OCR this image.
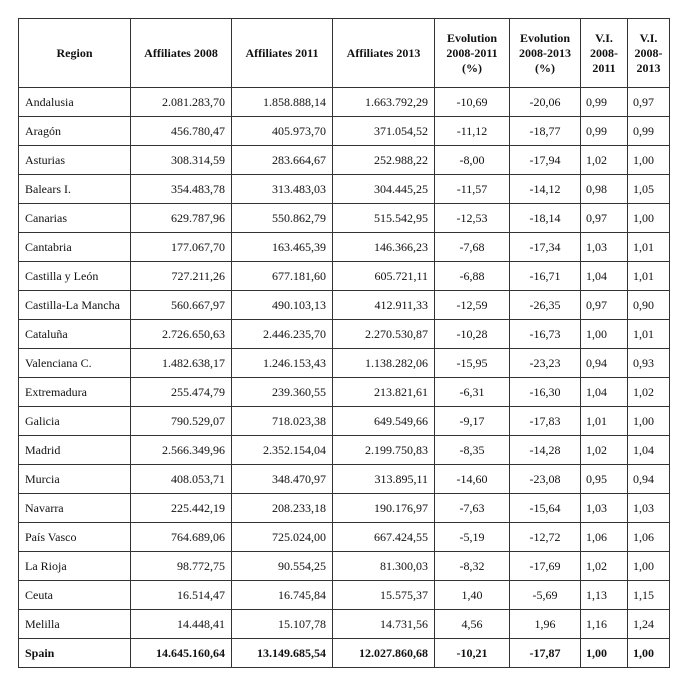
Region	Affiliates 2008	Affiliates 2011	Affiliates 2013	Evolution 2008-2011 (%)	Evolution 2008-2013 (%)	V.I. 2008-2011	V.I. 2008-2013
Andalusia	2.081.283,70	1.858.888,14	1.663.792,29	-10,69	-20,06	0,99	0,97
Aragón	456.780,47	405.973,70	371.054,52	-11,12	-18,77	0,99	0,99
Asturias	308.314,59	283.664,67	252.988,22	-8,00	-17,94	1,02	1,00
Balears I.	354.483,78	313.483,03	304.445,25	-11,57	-14,12	0,98	1,05
Canarias	629.787,96	550.862,79	515.542,95	-12,53	-18,14	0,97	1,00
Cantabria	177.067,70	163.465,39	146.366,23	-7,68	-17,34	1,03	1,01
Castilla y León	727.211,26	677.181,60	605.721,11	-6,88	-16,71	1,04	1,01
Castilla-La Mancha	560.667,97	490.103,13	412.911,33	-12,59	-26,35	0,97	0,90
Cataluña	2.726.650,63	2.446.235,70	2.270.530,87	-10,28	-16,73	1,00	1,01
Valenciana C.	1.482.638,17	1.246.153,43	1.138.282,06	-15,95	-23,23	0,94	0,93
Extremadura	255.474,79	239.360,55	213.821,61	-6,31	-16,30	1,04	1,02
Galicia	790.529,07	718.023,38	649.549,66	-9,17	-17,83	1,01	1,00
Madrid	2.566.349,96	2.352.154,04	2.199.750,83	-8,35	-14,28	1,02	1,04
Murcia	408.053,71	348.470,97	313.895,11	-14,60	-23,08	0,95	0,94
Navarra	225.442,19	208.233,18	190.176,97	-7,63	-15,64	1,03	1,03
País Vasco	764.689,06	725.024,00	667.424,55	-5,19	-12,72	1,06	1,06
La Rioja	98.772,75	90.554,25	81.300,03	-8,32	-17,69	1,02	1,00
Ceuta	16.514,47	16.745,84	15.575,37	1,40	-5,69	1,13	1,15
Melilla	14.448,41	15.107,78	14.731,56	4,56	1,96	1,16	1,24
Spain	14.645.160,64	13.149.685,54	12.027.860,68	-10,21	-17,87	1,00	1,00
